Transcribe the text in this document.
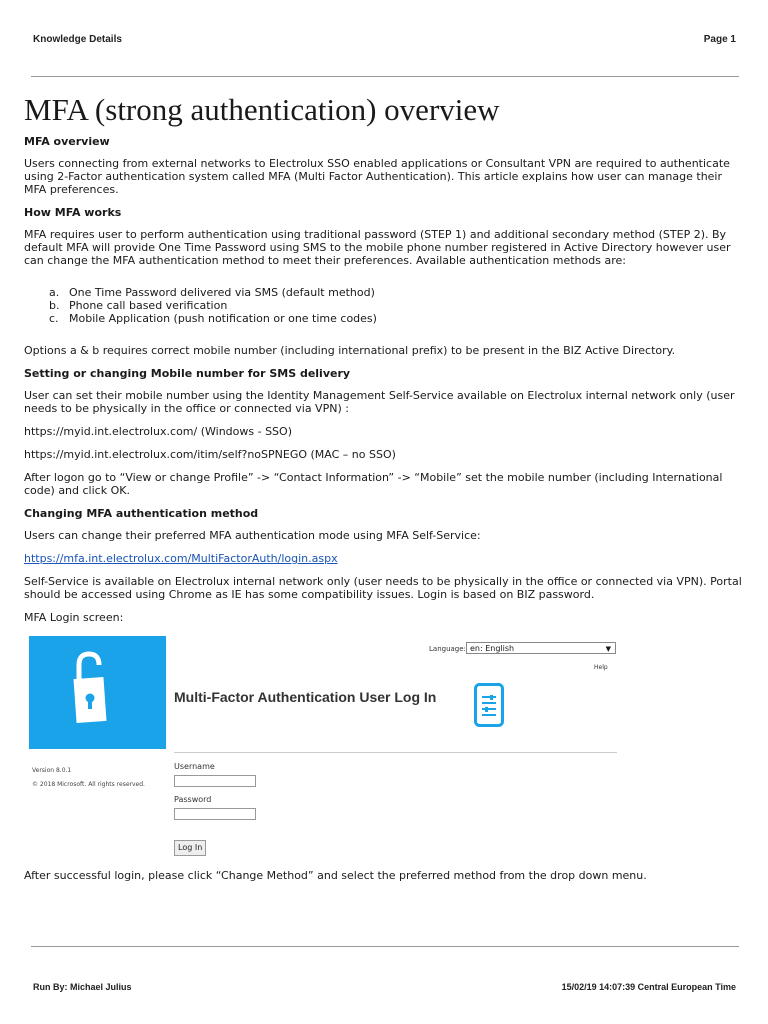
Knowledge Details	Page 1
MFA (strong authentication) overview
MFA overview

Users connecting from external networks to Electrolux SSO enabled applications or Consultant VPN are required to authenticate using 2-Factor authentication system called MFA (Multi Factor Authentication). This article explains how user can manage their MFA preferences.

How MFA works

MFA requires user to perform authentication using traditional password (STEP 1) and additional secondary method (STEP 2). By default MFA will provide One Time Password using SMS to the mobile phone number registered in Active Directory however user can change the MFA authentication method to meet their preferences. Available authentication methods are:

a. One Time Password delivered via SMS (default method)
b. Phone call based verification
c. Mobile Application (push notification or one time codes)

Options a & b requires correct mobile number (including international prefix) to be present in the BIZ Active Directory.

Setting or changing Mobile number for SMS delivery

User can set their mobile number using the Identity Management Self-Service available on Electrolux internal network only (user needs to be physically in the office or connected via VPN) :

https://myid.int.electrolux.com/ (Windows - SSO)

https://myid.int.electrolux.com/itim/self?noSPNEGO (MAC – no SSO)

After logon go to “View or change Profile” -> “Contact Information” -> “Mobile” set the mobile number (including International code) and click OK.

Changing MFA authentication method

Users can change their preferred MFA authentication mode using MFA Self-Service:

https://mfa.int.electrolux.com/MultiFactorAuth/login.aspx

Self-Service is available on Electrolux internal network only (user needs to be physically in the office or connected via VPN). Portal should be accessed using Chrome as IE has some compatibility issues. Login is based on BIZ password.

MFA Login screen:

Version 8.0.1
© 2018 Microsoft. All rights reserved.
Language: en: English	▼
Help
Multi-Factor Authentication User Log In
Username
Password
Log In

After successful login, please click “Change Method” and select the preferred method from the drop down menu.

Run By: Michael Julius	15/02/19 14:07:39 Central European Time
